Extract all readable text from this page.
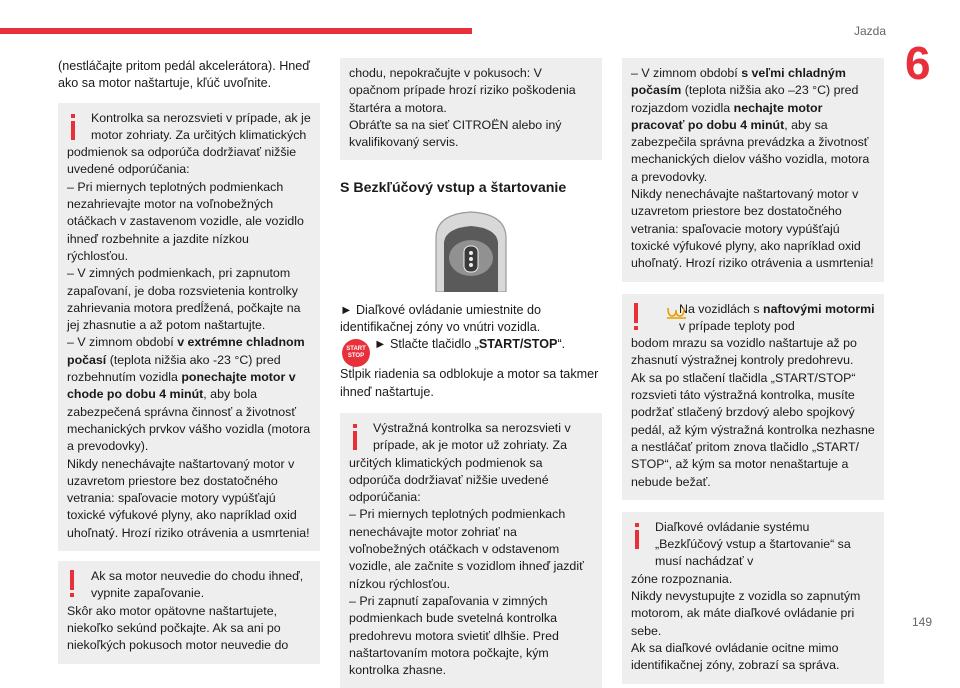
Jazda
6
149

(nestláčajte pritom pedál akcelerátora). Hneď ako sa motor naštartuje, kľúč uvoľnite.

Kontrolka sa nerozsvieti v prípade, ak je motor zohriaty. Za určitých klimatických

podmienok sa odporúča dodržiavať nižšie uvedené odporúčania:

– Pri miernych teplotných podmienkach nezahrievajte motor na voľnobežných otáčkach v zastavenom vozidle, ale vozidlo ihneď rozbehnite a jazdite nízkou rýchlosťou.

– V zimných podmienkach, pri zapnutom zapaľovaní, je doba rozsvietenia kontrolky zahrievania motora predĺžená, počkajte na jej zhasnutie a až potom naštartujte.

– V zimnom období v extrémne chladnom počasí (teplota nižšia ako -23 °C) pred rozbehnutím vozidla ponechajte motor v chode po dobu 4 minút, aby bola zabezpečená správna činnosť a životnosť mechanických prvkov vášho vozidla (motora a prevodovky).

Nikdy nenechávajte naštartovaný motor v uzavretom priestore bez dostatočného vetrania: spaľovacie motory vypúšťajú toxické výfukové plyny, ako napríklad oxid uhoľnatý. Hrozí riziko otrávenia a usmrtenia!

Ak sa motor neuvedie do chodu ihneď, vypnite zapaľovanie.

Skôr ako motor opätovne naštartujete, niekoľko sekúnd počkajte. Ak sa ani po niekoľkých pokusoch motor neuvedie do

chodu, nepokračujte v pokusoch: V opačnom prípade hrozí riziko poškodenia štartéra a motora.

Obráťte sa na sieť CITROËN alebo iný kvalifikovaný servis.

S Bezkľúčový vstup a štartovanie

► Diaľkové ovládanie umiestnite do identifikačnej zóny vo vnútri vozidla.

START
STOP

► Stlačte tlačidlo „START/STOP“.

Stĺpik riadenia sa odblokuje a motor sa takmer ihneď naštartuje.

Výstražná kontrolka sa nerozsvieti v prípade, ak je motor už zohriaty. Za

určitých klimatických podmienok sa odporúča dodržiavať nižšie uvedené odporúčania:

– Pri miernych teplotných podmienkach nenechávajte motor zohriať na voľnobežných otáčkach v odstavenom vozidle, ale začnite s vozidlom ihneď jazdiť nízkou rýchlosťou.

– Pri zapnutí zapaľovania v zimných podmienkach bude svetelná kontrolka predohrevu motora svietiť dlhšie. Pred naštartovaním motora počkajte, kým kontrolka zhasne.

– V zimnom období s veľmi chladným počasím (teplota nižšia ako –23 °C) pred rozjazdom vozidla nechajte motor pracovať po dobu 4 minút, aby sa zabezpečila správna prevádzka a životnosť mechanických dielov vášho vozidla, motora a prevodovky.

Nikdy nenechávajte naštartovaný motor v uzavretom priestore bez dostatočného vetrania: spaľovacie motory vypúšťajú toxické výfukové plyny, ako napríklad oxid uhoľnatý. Hrozí riziko otrávenia a usmrtenia!

Na vozidlách s naftovými motormi v prípade teploty pod

bodom mrazu sa vozidlo naštartuje až po zhasnutí výstražnej kontroly predohrevu.

Ak sa po stlačení tlačidla „START/STOP“ rozsvieti táto výstražná kontrolka, musíte podržať stlačený brzdový alebo spojkový pedál, až kým výstražná kontrolka nezhasne a nestláčať pritom znova tlačidlo „START/ STOP“, až kým sa motor nenaštartuje a nebude bežať.

Diaľkové ovládanie systému „Bezkľúčový vstup a štartovanie“ sa musí nachádzať v

zóne rozpoznania.

Nikdy nevystupujte z vozidla so zapnutým motorom, ak máte diaľkové ovládanie pri sebe.

Ak sa diaľkové ovládanie ocitne mimo identifikačnej zóny, zobrazí sa správa.
